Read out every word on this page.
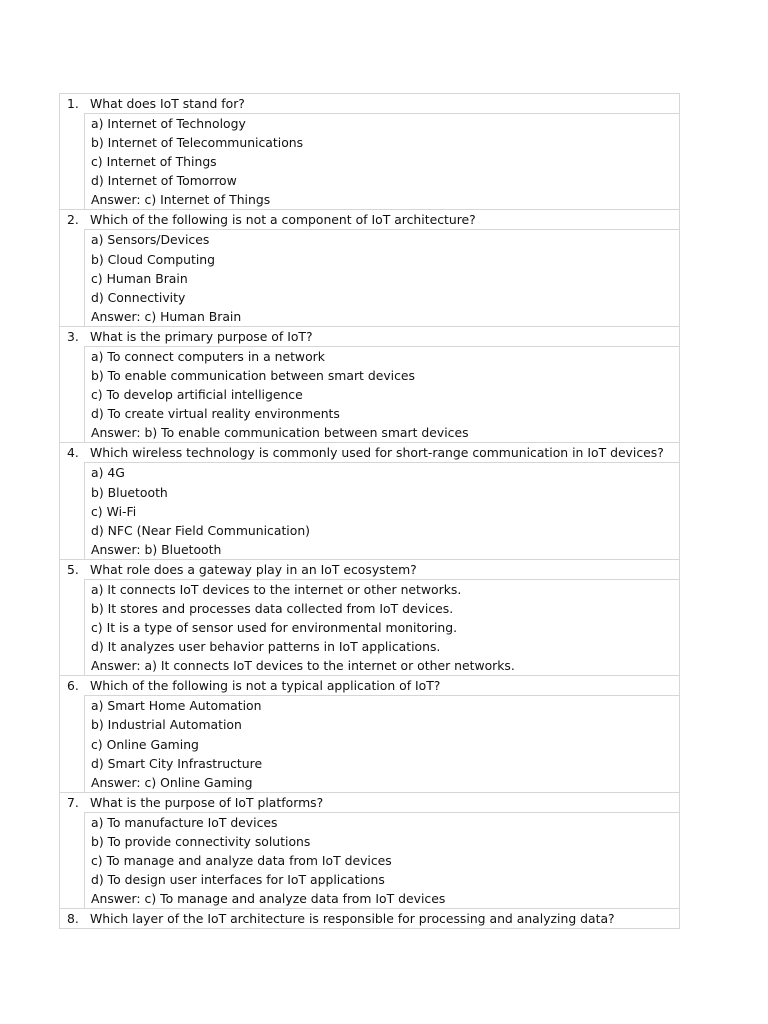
1. What does IoT stand for?
a) Internet of Technology
b) Internet of Telecommunications
c) Internet of Things
d) Internet of Tomorrow
Answer: c) Internet of Things
2. Which of the following is not a component of IoT architecture?
a) Sensors/Devices
b) Cloud Computing
c) Human Brain
d) Connectivity
Answer: c) Human Brain
3. What is the primary purpose of IoT?
a) To connect computers in a network
b) To enable communication between smart devices
c) To develop artificial intelligence
d) To create virtual reality environments
Answer: b) To enable communication between smart devices
4. Which wireless technology is commonly used for short-range communication in IoT devices?
a) 4G
b) Bluetooth
c) Wi-Fi
d) NFC (Near Field Communication)
Answer: b) Bluetooth
5. What role does a gateway play in an IoT ecosystem?
a) It connects IoT devices to the internet or other networks.
b) It stores and processes data collected from IoT devices.
c) It is a type of sensor used for environmental monitoring.
d) It analyzes user behavior patterns in IoT applications.
Answer: a) It connects IoT devices to the internet or other networks.
6. Which of the following is not a typical application of IoT?
a) Smart Home Automation
b) Industrial Automation
c) Online Gaming
d) Smart City Infrastructure
Answer: c) Online Gaming
7. What is the purpose of IoT platforms?
a) To manufacture IoT devices
b) To provide connectivity solutions
c) To manage and analyze data from IoT devices
d) To design user interfaces for IoT applications
Answer: c) To manage and analyze data from IoT devices
8. Which layer of the IoT architecture is responsible for processing and analyzing data?
